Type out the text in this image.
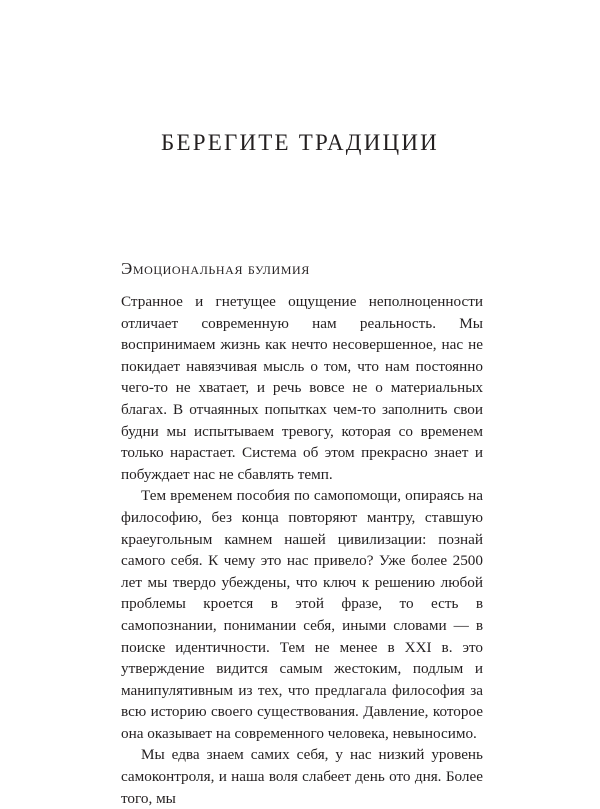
БЕРЕГИТЕ ТРАДИЦИИ
Эмоциональная булимия

Странное и гнетущее ощущение неполноценности отличает современную нам реальность. Мы воспринимаем жизнь как нечто несовершенное, нас не покидает навязчивая мысль о том, что нам постоянно чего-то не хватает, и речь вовсе не о материальных благах. В отчаянных попытках чем-то заполнить свои будни мы испытываем тревогу, которая со временем только нарастает. Система об этом прекрасно знает и побуждает нас не сбавлять темп.

Тем временем пособия по самопомощи, опираясь на философию, без конца повторяют мантру, ставшую краеугольным камнем нашей цивилизации: познай самого себя. К чему это нас привело? Уже более 2500 лет мы твердо убеждены, что ключ к решению любой проблемы кроется в этой фразе, то есть в самопознании, понимании себя, иными словами — в поиске идентичности. Тем не менее в XXI в. это утверждение видится самым жестоким, подлым и манипулятивным из тех, что предлагала философия за всю историю своего существования. Давление, которое она оказывает на современного человека, невыносимо.

Мы едва знаем самих себя, у нас низкий уровень самоконтроля, и наша воля слабеет день ото дня. Более того, мы
